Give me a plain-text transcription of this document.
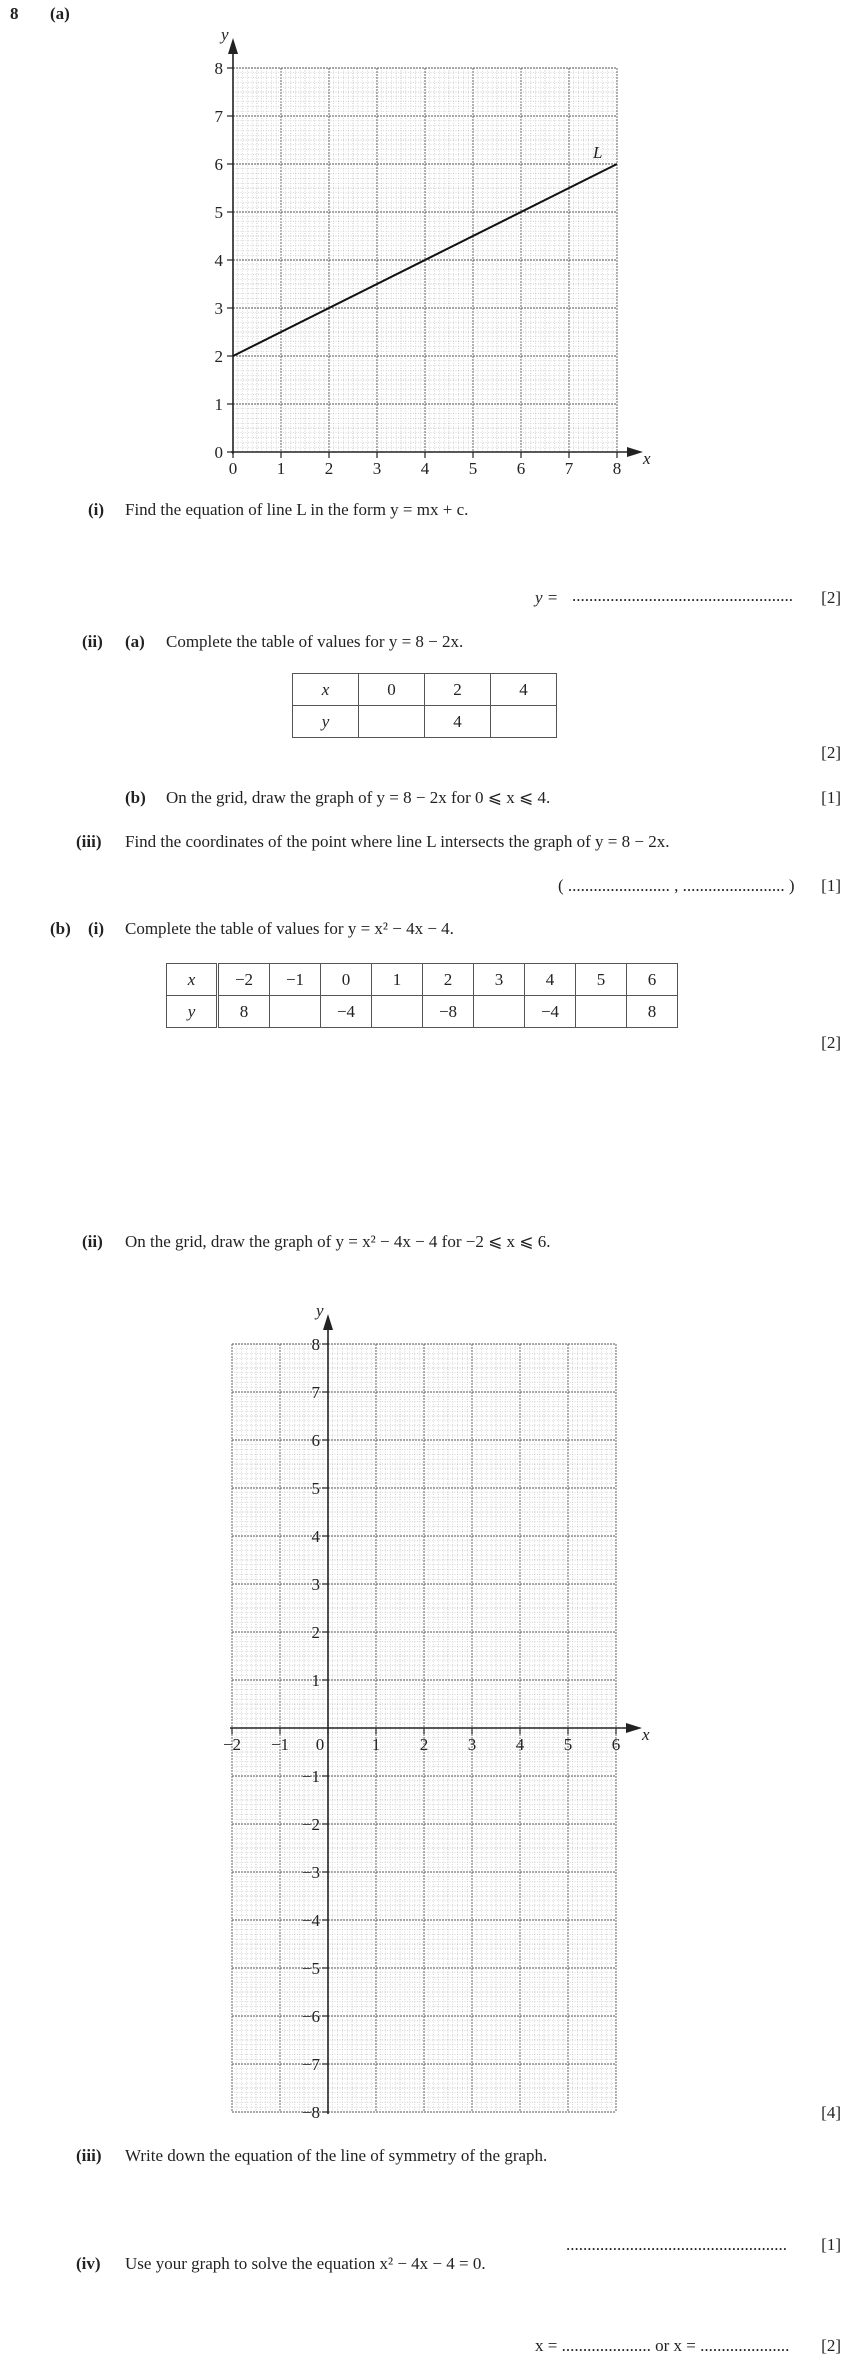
8 (a)
x
y
0 1 2 3 4 5 6 7 8
0
1
2
3
4
5
6
7
8
L
(i) Find the equation of line L in the form y = mx + c.
y = .................................................... [2]
(ii) (a) Complete the table of values for y = 8 − 2x.
x	0	2	4
y		4	
[2]
(b) On the grid, draw the graph of y = 8 − 2x for 0 ⩽ x ⩽ 4.	[1]
(iii) Find the coordinates of the point where line L intersects the graph of y = 8 − 2x.
( ........................ , ........................ ) [1]
(b) (i) Complete the table of values for y = x² − 4x − 4.
x	−2	−1	0	1	2	3	4	5	6
y	8		−4		−8		−4		8
[2]
(ii) On the grid, draw the graph of y = x² − 4x − 4 for −2 ⩽ x ⩽ 6.
x
y
−2 −1 0	1 2 3 4 5 6
8
7
6
5
4
3
2
1
−1
−2
−3
−4
−5
−6
−7
−8	[4]
(iii) Write down the equation of the line of symmetry of the graph.
.................................................... [1]
(iv) Use your graph to solve the equation x² − 4x − 4 = 0.
x = ..................... or x = ..................... [2]
